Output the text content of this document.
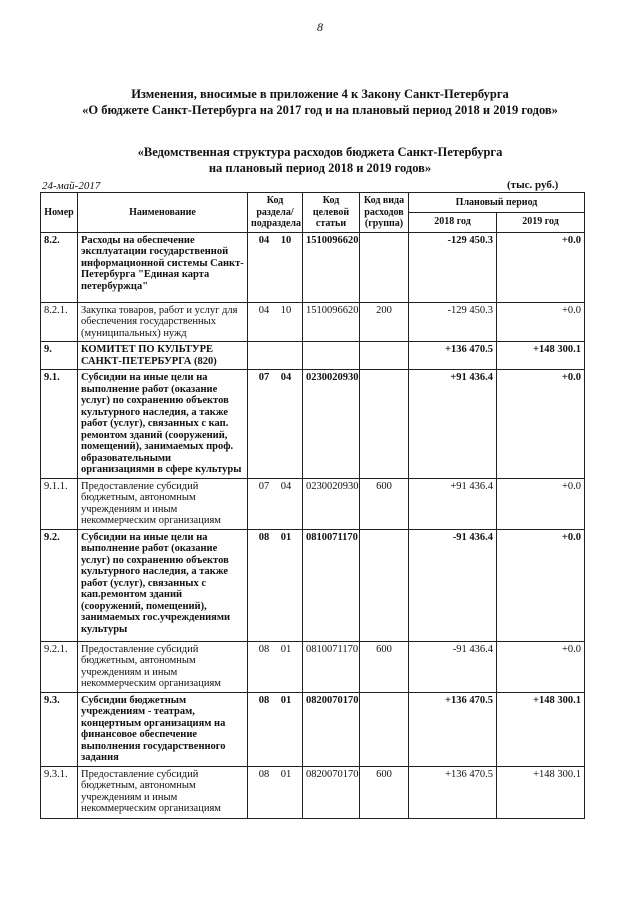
8
Изменения, вносимые в приложение 4 к Закону Санкт-Петербурга
«О бюджете Санкт-Петербурга на 2017 год и на плановый период 2018 и 2019 годов»
«Ведомственная структура расходов бюджета Санкт-Петербурга
на плановый период 2018 и 2019 годов»
24-май-2017	(тыс. руб.)
Номер	Наименование	Код раздела/ подраздела	Код целевой статьи	Код вида расходов (группа)	Плановый период	
					2018 год	2019 год
8.2.	Расходы на обеспечение эксплуатации государственной информационной системы Санкт-Петербурга "Единая карта петербуржца"	04 10	1510096620		-129 450.3	+0.0
8.2.1.	Закупка товаров, работ и услуг для обеспечения государственных (муниципальных) нужд	04 10	1510096620	200	-129 450.3	+0.0
9.	КОМИТЕТ ПО КУЛЬТУРЕ САНКТ-ПЕТЕРБУРГА (820)				+136 470.5	+148 300.1
9.1.	Субсидии на иные цели на выполнение работ (оказание услуг) по сохранению объектов культурного наследия, а также работ (услуг), связанных с кап. ремонтом зданий (сооружений, помещений), занимаемых проф. образовательными организациями в сфере культуры	07 04	0230020930		+91 436.4	+0.0
9.1.1.	Предоставление субсидий бюджетным, автономным учреждениям и иным некоммерческим организациям	07 04	0230020930	600	+91 436.4	+0.0
9.2.	Субсидии на иные цели на выполнение работ (оказание услуг) по сохранению объектов культурного наследия, а также работ (услуг), связанных с кап.ремонтом зданий (сооружений, помещений), занимаемых гос.учреждениями культуры	08 01	0810071170		-91 436.4	+0.0
9.2.1.	Предоставление субсидий бюджетным, автономным учреждениям и иным некоммерческим организациям	08 01	0810071170	600	-91 436.4	+0.0
9.3.	Субсидии бюджетным учреждениям - театрам, концертным организациям на финансовое обеспечение выполнения государственного задания	08 01	0820070170		+136 470.5	+148 300.1
9.3.1.	Предоставление субсидий бюджетным, автономным учреждениям и иным некоммерческим организациям	08 01	0820070170	600	+136 470.5	+148 300.1
